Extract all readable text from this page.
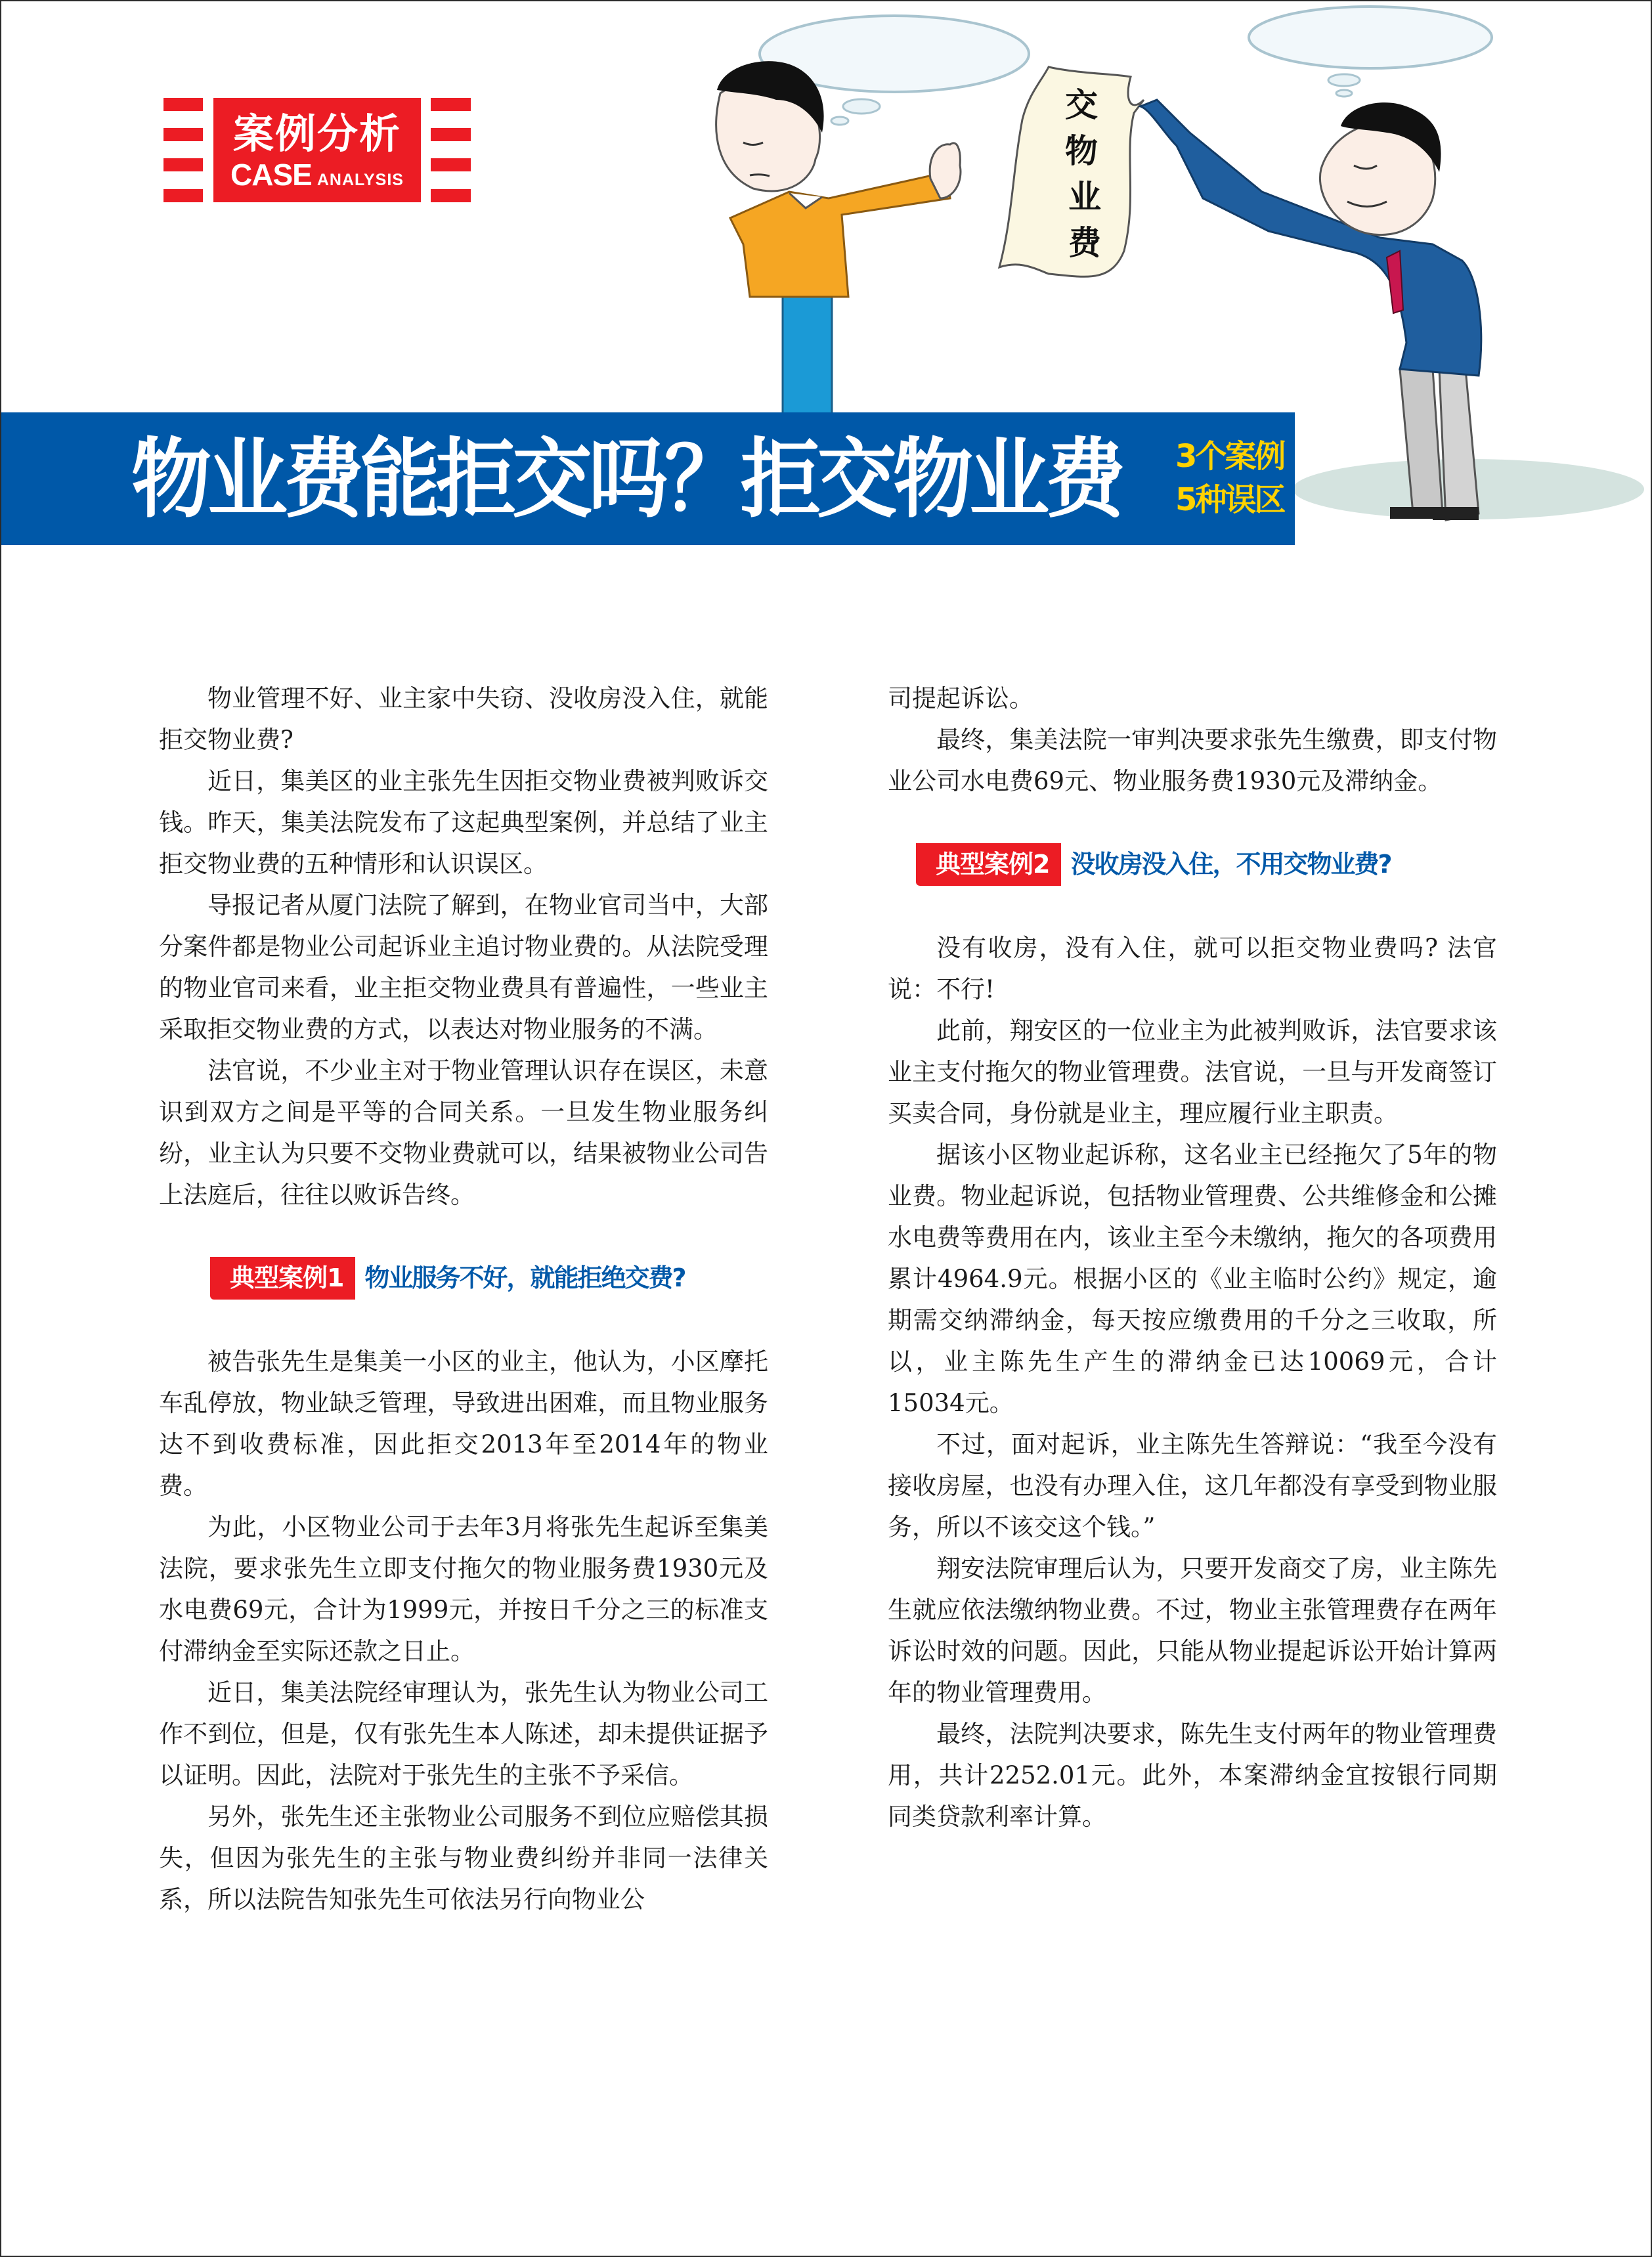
案例分析
CASE ANALYSIS
交
物
业
费
物业费能拒交吗？拒交物业费 3个案例
5种误区

物业管理不好、业主家中失窃、没收房没入住，就能拒交物业费?

近日，集美区的业主张先生因拒交物业费被判败诉交钱。昨天，集美法院发布了这起典型案例，并总结了业主拒交物业费的五种情形和认识误区。

导报记者从厦门法院了解到，在物业官司当中，大部分案件都是物业公司起诉业主追讨物业费的。从法院受理的物业官司来看，业主拒交物业费具有普遍性，一些业主采取拒交物业费的方式，以表达对物业服务的不满。

法官说，不少业主对于物业管理认识存在误区，未意识到双方之间是平等的合同关系。一旦发生物业服务纠纷，业主认为只要不交物业费就可以，结果被物业公司告上法庭后，往往以败诉告终。

典型案例1 物业服务不好，就能拒绝交费?

被告张先生是集美一小区的业主，他认为，小区摩托车乱停放，物业缺乏管理，导致进出困难，而且物业服务达不到收费标准，因此拒交2013年至2014年的物业费。

为此，小区物业公司于去年3月将张先生起诉至集美法院，要求张先生立即支付拖欠的物业服务费1930元及水电费69元，合计为1999元，并按日千分之三的标准支付滞纳金至实际还款之日止。

近日，集美法院经审理认为，张先生认为物业公司工作不到位，但是，仅有张先生本人陈述，却未提供证据予以证明。因此，法院对于张先生的主张不予采信。

另外，张先生还主张物业公司服务不到位应赔偿其损失，但因为张先生的主张与物业费纠纷并非同一法律关系，所以法院告知张先生可依法另行向物业公

司提起诉讼。

最终，集美法院一审判决要求张先生缴费，即支付物业公司水电费69元、物业服务费1930元及滞纳金。

典型案例2 没收房没入住，不用交物业费?

没有收房，没有入住，就可以拒交物业费吗? 法官说：不行!

此前，翔安区的一位业主为此被判败诉，法官要求该业主支付拖欠的物业管理费。法官说，一旦与开发商签订买卖合同，身份就是业主，理应履行业主职责。

据该小区物业起诉称，这名业主已经拖欠了5年的物业费。物业起诉说，包括物业管理费、公共维修金和公摊水电费等费用在内，该业主至今未缴纳，拖欠的各项费用累计4964.9元。根据小区的《业主临时公约》规定，逾期需交纳滞纳金，每天按应缴费用的千分之三收取，所以，业主陈先生产生的滞纳金已达10069元，合计15034元。

不过，面对起诉，业主陈先生答辩说：“我至今没有接收房屋，也没有办理入住，这几年都没有享受到物业服务，所以不该交这个钱。”

翔安法院审理后认为，只要开发商交了房，业主陈先生就应依法缴纳物业费。不过，物业主张管理费存在两年诉讼时效的问题。因此，只能从物业提起诉讼开始计算两年的物业管理费用。

最终，法院判决要求，陈先生支付两年的物业管理费用，共计2252.01元。此外，本案滞纳金宜按银行同期同类贷款利率计算。
